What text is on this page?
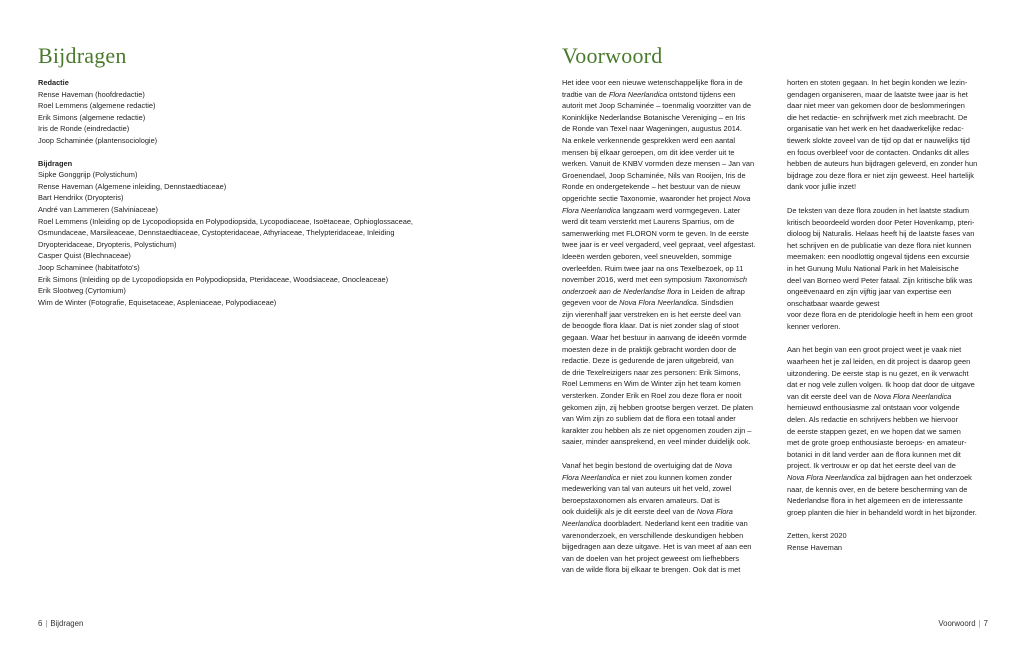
Bijdragen
Redactie
Rense Haveman (hoofdredactie)
Roel Lemmens (algemene redactie)
Erik Simons (algemene redactie)
Iris de Ronde (eindredactie)
Joop Schaminée (plantensociologie)
Bijdragen
Sipke Gonggrijp (Polystichum)
Rense Haveman (Algemene inleiding, Dennstaedtiaceae)
Bart Hendrikx (Dryopteris)
André van Lammeren (Salviniaceae)
Roel Lemmens (Inleiding op de Lycopodiopsida en Polypodiopsida, Lycopodiaceae, Isoëtaceae, Ophioglossaceae,
Osmundaceae, Marsileaceae, Dennstaedtiaceae, Cystopteridaceae, Athyriaceae, Thelypteridaceae, Inleiding
Dryopteridaceae, Dryopteris, Polystichum)
Casper Quist (Blechnaceae)
Joop Schaminee (habitatfoto's)
Erik Simons (Inleiding op de Lycopodiopsida en Polypodiopsida, Pteridaceae, Woodsiaceae, Onocleaceae)
Erik Slootweg (Cyrtomium)
Wim de Winter (Fotografie, Equisetaceae, Aspleniaceae, Polypodiaceae)
6 | Bijdragen
Voorwoord

Het idee voor een nieuwe wetenschappelijke flora in de
tradtie van de Flora Neerlandica ontstond tijdens een
autorit met Joop Schaminée – toenmalig voorzitter van de
Koninklijke Nederlandse Botanische Vereniging – en Iris
de Ronde van Texel naar Wageningen, augustus 2014.
Na enkele verkennende gesprekken werd een aantal
mensen bij elkaar geroepen, om dit idee verder uit te
werken. Vanuit de KNBV vormden deze mensen – Jan van
Groenendael, Joop Schaminée, Nils van Rooijen, Iris de
Ronde en ondergetekende – het bestuur van de nieuw
opgerichte sectie Taxonomie, waaronder het project Nova
Flora Neerlandica langzaam werd vormgegeven. Later
werd dit team versterkt met Laurens Sparrius, om de
samenwerking met FLORON vorm te geven. In de eerste
twee jaar is er veel vergaderd, veel gepraat, veel afgestast.
Ideeën werden geboren, veel sneuvelden, sommige
overleefden. Ruim twee jaar na ons Texelbezoek, op 11
november 2016, werd met een symposium Taxonomisch
onderzoek aan de Nederlandse flora in Leiden de aftrap
gegeven voor de Nova Flora Neerlandica. Sindsdien
zijn vierenhalf jaar verstreken en is het eerste deel van
de beoogde flora klaar. Dat is niet zonder slag of stoot
gegaan. Waar het bestuur in aanvang de ideeën vormde
moesten deze in de praktijk gebracht worden door de
redactie. Deze is gedurende de jaren uitgebreid, van
de drie Texelreizigers naar zes personen: Erik Simons,
Roel Lemmens en Wim de Winter zijn het team komen
versterken. Zonder Erik en Roel zou deze flora er nooit
gekomen zijn, zij hebben grootse bergen verzet. De platen
van Wim zijn zo subliem dat de flora een totaal ander
karakter zou hebben als ze niet opgenomen zouden zijn –
saaier, minder aansprekend, en veel minder duidelijk ook.

Vanaf het begin bestond de overtuiging dat de Nova
Flora Neerlandica er niet zou kunnen komen zonder
medewerking van tal van auteurs uit het veld, zowel
beroepstaxonomen als ervaren amateurs. Dat is
ook duidelijk als je dit eerste deel van de Nova Flora
Neerlandica doorbladert. Nederland kent een traditie van
varenonderzoek, en verschillende deskundigen hebben
bijgedragen aan deze uitgave. Het is van meet af aan een
van de doelen van het project geweest om liefhebbers
van de wilde flora bij elkaar te brengen. Ook dat is met

horten en stoten gegaan. In het begin konden we lezin-
gendagen organiseren, maar de laatste twee jaar is het
daar niet meer van gekomen door de beslommeringen
die het redactie- en schrijfwerk met zich meebracht. De
organisatie van het werk en het daadwerkelijke redac-
tiewerk slokte zoveel van de tijd op dat er nauwelijks tijd
en focus overbleef voor de contacten. Ondanks dit alles
hebben de auteurs hun bijdragen geleverd, en zonder hun
bijdrage zou deze flora er niet zijn geweest. Heel hartelijk
dank voor jullie inzet!

De teksten van deze flora zouden in het laatste stadium
kritisch beoordeeld worden door Peter Hovenkamp, pteri-
dioloog bij Naturalis. Helaas heeft hij de laatste fases van
het schrijven en de publicatie van deze flora niet kunnen
meemaken: een noodlottig ongeval tijdens een excursie
in het Gunung Mulu National Park in het Maleisische
deel van Borneo werd Peter fataal. Zijn kritische blik was
ongeëvenaard en zijn vijftig jaar van expertise een
onschatbaar waarde gewest
voor deze flora en de pteridologie heeft in hem een groot
kenner verloren.

Aan het begin van een groot project weet je vaak niet
waarheen het je zal leiden, en dit project is daarop geen
uitzondering. De eerste stap is nu gezet, en ik verwacht
dat er nog vele zullen volgen. Ik hoop dat door de uitgave
van dit eerste deel van de Nova Flora Neerlandica
hernieuwd enthousiasme zal ontstaan voor volgende
delen. Als redactie en schrijvers hebben we hiervoor
de eerste stappen gezet, en we hopen dat we samen
met de grote groep enthousiaste beroeps- en amateur-
botanici in dit land verder aan de flora kunnen met dit
project. Ik vertrouw er op dat het eerste deel van de
Nova Flora Neerlandica zal bijdragen aan het onderzoek
naar, de kennis over, en de betere bescherming van de
Nederlandse flora in het algemeen en de interessante
groep planten die hier in behandeld wordt in het bijzonder.

Zetten, kerst 2020
Rense Haveman

Voorwoord | 7
